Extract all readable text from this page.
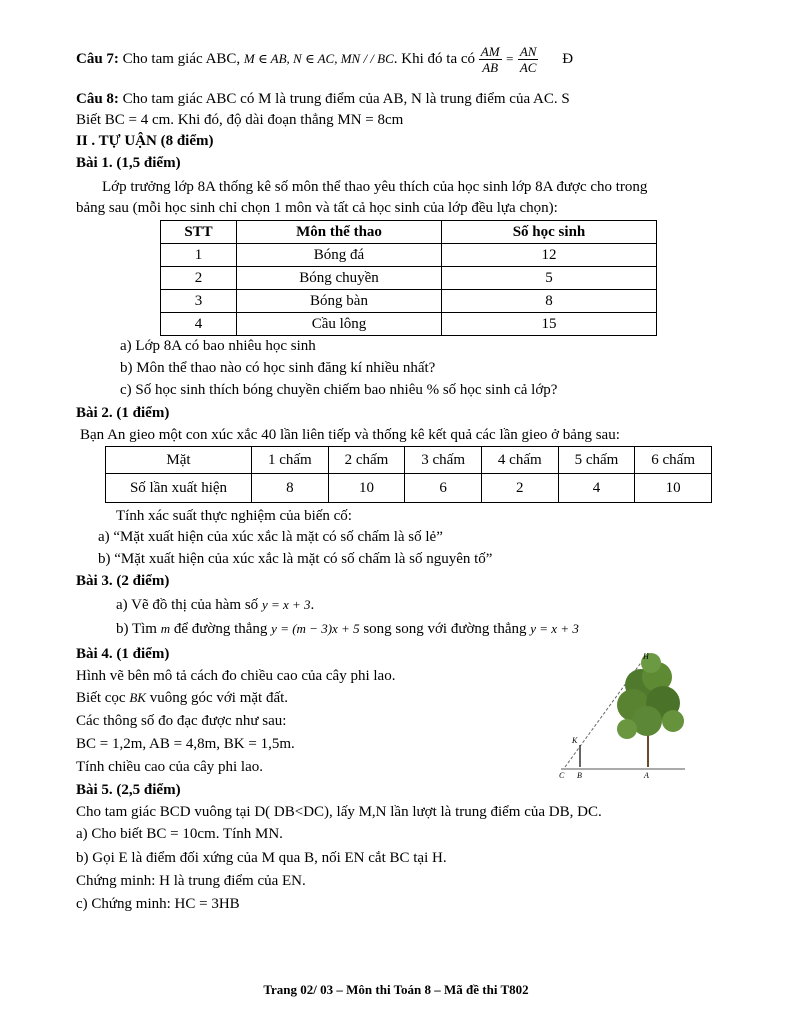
Câu 7: Cho tam giác ABC, M ∈ AB, N ∈ AC, MN / / BC. Khi đó ta có $\frac{AM}{AB} = \frac{AN}{AC}$ Đ
Câu 8: Cho tam giác ABC có M là trung điểm của AB, N là trung điểm của AC. S
Biết BC = 4 cm. Khi đó, độ dài đoạn thẳng MN = 8cm
II . TỰ UẬN (8 điểm)
Bài 1. (1,5 điểm)
Lớp trưởng lớp 8A thống kê số môn thể thao yêu thích của học sinh lớp 8A được cho trong
bảng sau (mỗi học sinh chỉ chọn 1 môn và tất cả học sinh của lớp đều lựa chọn):
STT	Môn thể thao	Số học sinh
1	Bóng đá	12
2	Bóng chuyền	5
3	Bóng bàn	8
4	Cầu lông	15
a) Lớp 8A có bao nhiêu học sinh
b) Môn thể thao nào có học sinh đăng kí nhiều nhất?
c) Số học sinh thích bóng chuyền chiếm bao nhiêu % số học sinh cả lớp?
Bài 2. (1 điểm)
Bạn An gieo một con xúc xắc 40 lần liên tiếp và thống kê kết quả các lần gieo ở bảng sau:
Mặt	1 chấm	2 chấm	3 chấm	4 chấm	5 chấm	6 chấm
Số lần xuất hiện	8	10	6	2	4	10
Tính xác suất thực nghiệm của biến cố:
a) “Mặt xuất hiện của xúc xắc là mặt có số chấm là số lẻ”
b) “Mặt xuất hiện của xúc xắc là mặt có số chấm là số nguyên tố”
Bài 3. (2 điểm)
a) Vẽ đồ thị của hàm số y = x + 3.
b) Tìm m để đường thẳng y = (m − 3)x + 5 song song với đường thẳng y = x + 3
Bài 4. (1 điểm)
Hình vẽ bên mô tả cách đo chiều cao của cây phi lao.
Biết cọc BK vuông góc với mặt đất.
Các thông số đo đạc được như sau:
BC = 1,2m, AB = 4,8m, BK = 1,5m.
Tính chiều cao của cây phi lao.
H
K
C B	A
Bài 5. (2,5 điểm)
Cho tam giác BCD vuông tại D( DB<DC), lấy M,N lần lượt là trung điểm của DB, DC.
a) Cho biết BC = 10cm. Tính MN.
b) Gọi E là điểm đối xứng của M qua B, nối EN cắt BC tại H.
Chứng minh: H là trung điểm của EN.
c) Chứng minh: HC = 3HB
Trang 02/ 03 – Môn thi Toán 8 – Mã đề thi T802
